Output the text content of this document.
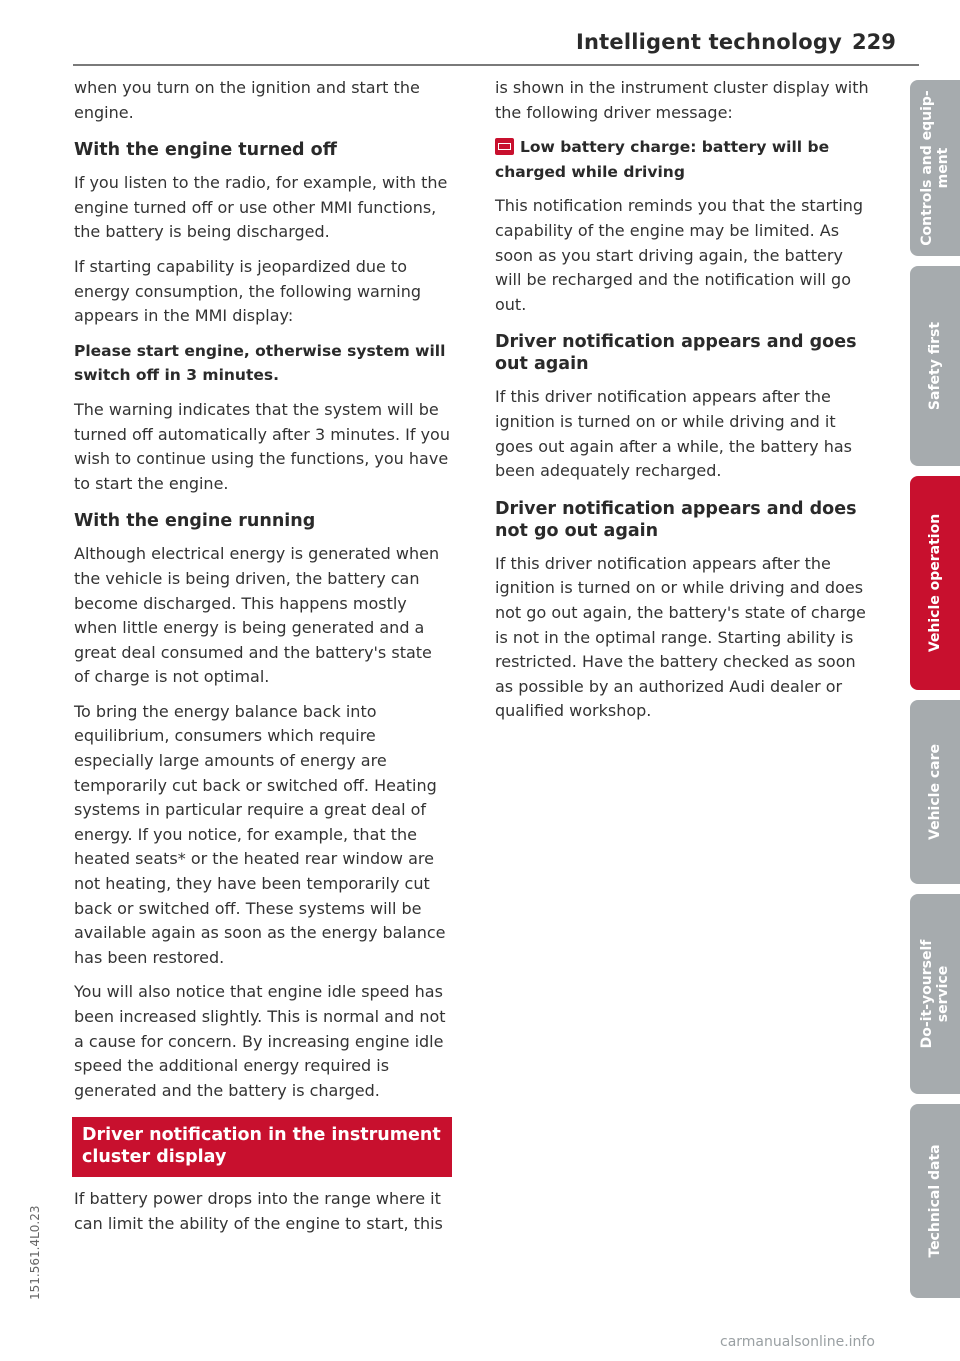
Intelligent technology 229

when you turn on the ignition and start the engine.

With the engine turned off

If you listen to the radio, for example, with the engine turned off or use other MMI functions, the battery is being discharged.

If starting capability is jeopardized due to energy consumption, the following warning appears in the MMI display:

Please start engine, otherwise system will switch off in 3 minutes.

The warning indicates that the system will be turned off automatically after 3 minutes. If you wish to continue using the functions, you have to start the engine.

With the engine running

Although electrical energy is generated when the vehicle is being driven, the battery can become discharged. This happens mostly when little energy is being generated and a great deal consumed and the battery's state of charge is not optimal.

To bring the energy balance back into equilibrium, consumers which require especially large amounts of energy are temporarily cut back or switched off. Heating systems in particular require a great deal of energy. If you notice, for example, that the heated seats* or the heated rear window are not heating, they have been temporarily cut back or switched off. These systems will be available again as soon as the energy balance has been restored.

You will also notice that engine idle speed has been increased slightly. This is normal and not a cause for concern. By increasing engine idle speed the additional energy required is generated and the battery is charged.

Driver notification in the instrument cluster display

If battery power drops into the range where it can limit the ability of the engine to start, this

is shown in the instrument cluster display with the following driver message:

Low battery charge: battery will be charged while driving

This notification reminds you that the starting capability of the engine may be limited. As soon as you start driving again, the battery will be recharged and the notification will go out.

Driver notification appears and goes out again

If this driver notification appears after the ignition is turned on or while driving and it goes out again after a while, the battery has been adequately recharged.

Driver notification appears and does not go out again

If this driver notification appears after the ignition is turned on or while driving and does not go out again, the battery's state of charge is not in the optimal range. Starting ability is restricted. Have the battery checked as soon as possible by an authorized Audi dealer or qualified workshop.

Controls and equip-
ment
Safety first
Vehicle operation
Vehicle care
Do-it-yourself
service
Technical data
151.561.4L0.23
carmanualsonline.info
